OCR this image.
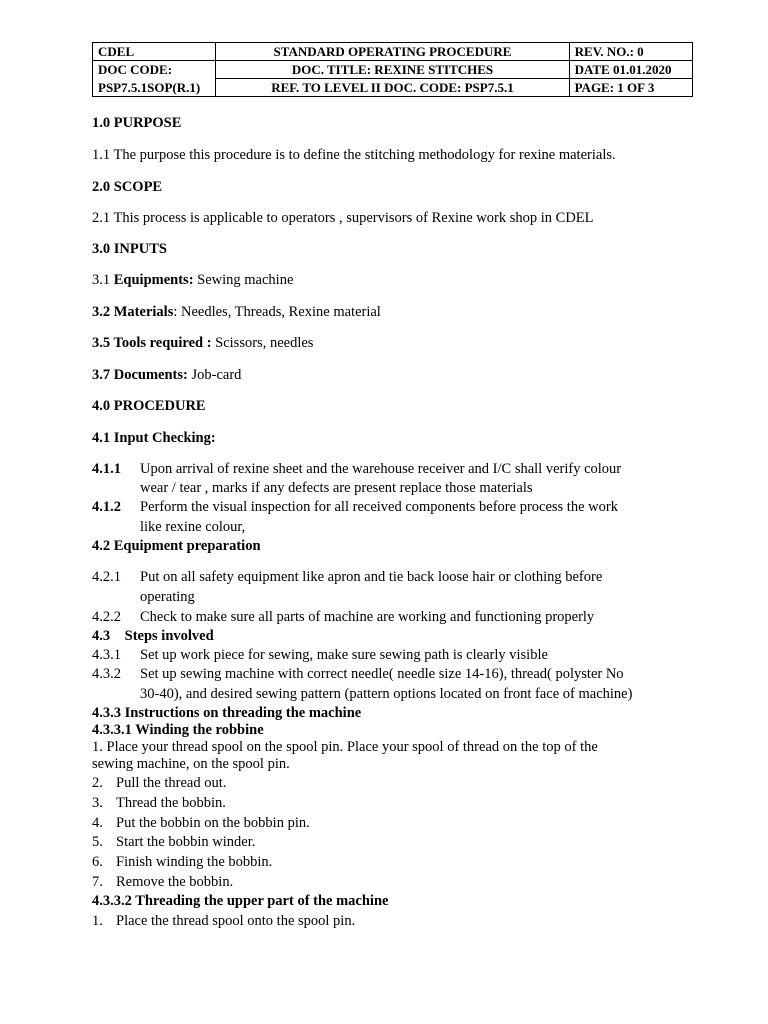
CDEL	STANDARD OPERATING PROCEDURE	REV. NO.: 0
DOC CODE:	DOC. TITLE: REXINE STITCHES	DATE 01.01.2020
PSP7.5.1SOP(R.1)	REF. TO LEVEL II DOC. CODE: PSP7.5.1	PAGE: 1 OF 3
1.0 PURPOSE
1.1 The purpose this procedure is to define the stitching methodology for rexine materials.
2.0 SCOPE
2.1 This process is applicable to operators , supervisors of Rexine work shop in CDEL
3.0 INPUTS
3.1 Equipments: Sewing machine
3.2 Materials: Needles, Threads, Rexine material
3.5 Tools required : Scissors, needles
3.7 Documents: Job-card
4.0 PROCEDURE
4.1 Input Checking:
4.1.1 Upon arrival of rexine sheet and the warehouse receiver and I/C shall verify colour
wear / tear , marks if any defects are present replace those materials
4.1.2 Perform the visual inspection for all received components before process the work
like rexine colour,
4.2 Equipment preparation
4.2.1 Put on all safety equipment like apron and tie back loose hair or clothing before
operating
4.2.2 Check to make sure all parts of machine are working and functioning properly
4.3    Steps involved
4.3.1 Set up work piece for sewing, make sure sewing path is clearly visible
4.3.2 Set up sewing machine with correct needle( needle size 14-16), thread( polyster No
30-40), and desired sewing pattern (pattern options located on front face of machine)
4.3.3 Instructions on threading the machine
4.3.3.1 Winding the robbine
1. Place your thread spool on the spool pin. Place your spool of thread on the top of the
sewing machine, on the spool pin.
2. Pull the thread out.
3. Thread the bobbin.
4. Put the bobbin on the bobbin pin.
5. Start the bobbin winder.
6. Finish winding the bobbin.
7. Remove the bobbin.
4.3.3.2 Threading the upper part of the machine
1. Place the thread spool onto the spool pin.
